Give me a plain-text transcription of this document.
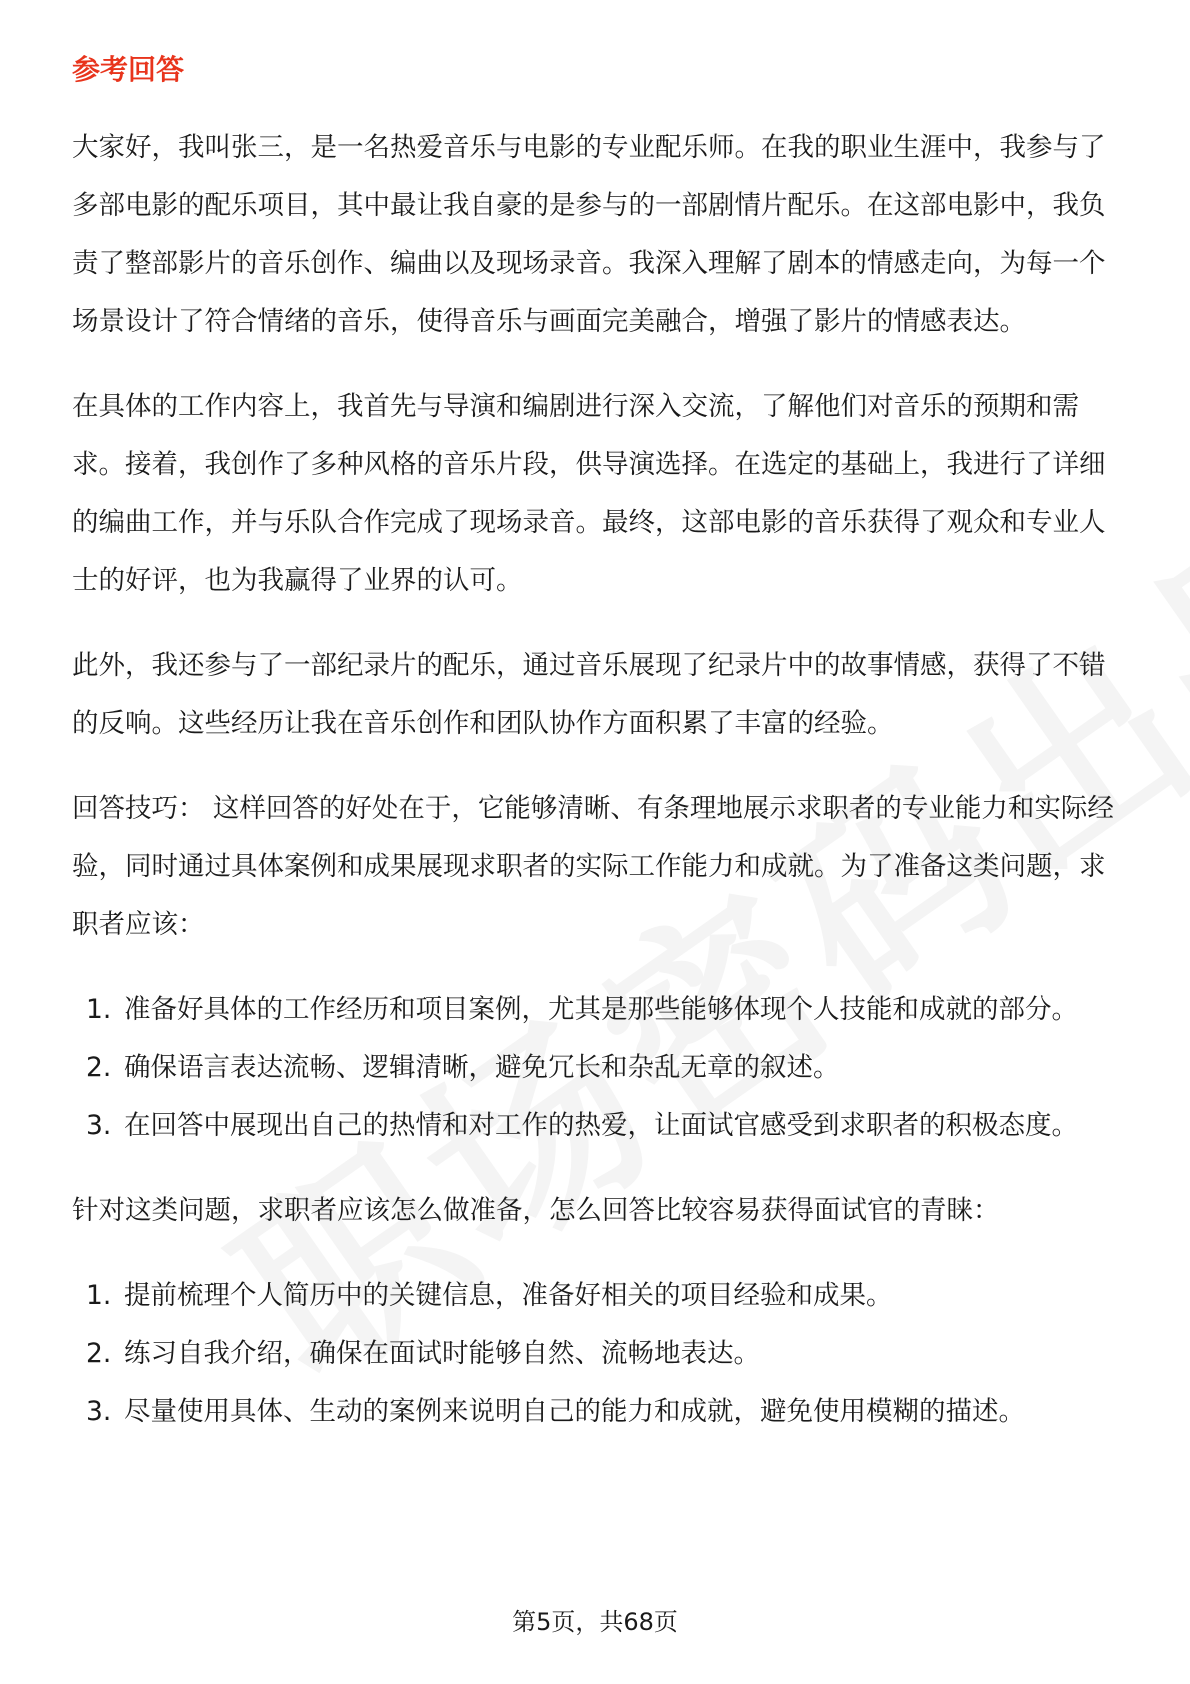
参考回答

大家好，我叫张三，是一名热爱音乐与电影的专业配乐师。在我的职业生涯中，我参与了多部电影的配乐项目，其中最让我自豪的是参与的一部剧情片配乐。在这部电影中，我负责了整部影片的音乐创作、编曲以及现场录音。我深入理解了剧本的情感走向，为每一个场景设计了符合情绪的音乐，使得音乐与画面完美融合，增强了影片的情感表达。

在具体的工作内容上，我首先与导演和编剧进行深入交流，了解他们对音乐的预期和需求。接着，我创作了多种风格的音乐片段，供导演选择。在选定的基础上，我进行了详细的编曲工作，并与乐队合作完成了现场录音。最终，这部电影的音乐获得了观众和专业人士的好评，也为我赢得了业界的认可。

此外，我还参与了一部纪录片的配乐，通过音乐展现了纪录片中的故事情感，获得了不错的反响。这些经历让我在音乐创作和团队协作方面积累了丰富的经验。

回答技巧： 这样回答的好处在于，它能够清晰、有条理地展示求职者的专业能力和实际经验，同时通过具体案例和成果展现求职者的实际工作能力和成就。为了准备这类问题，求职者应该：

1. 准备好具体的工作经历和项目案例，尤其是那些能够体现个人技能和成就的部分。
2. 确保语言表达流畅、逻辑清晰，避免冗长和杂乱无章的叙述。
3. 在回答中展现出自己的热情和对工作的热爱，让面试官感受到求职者的积极态度。

针对这类问题，求职者应该怎么做准备，怎么回答比较容易获得面试官的青睐：

1. 提前梳理个人简历中的关键信息，准备好相关的项目经验和成果。
2. 练习自我介绍，确保在面试时能够自然、流畅地表达。
3. 尽量使用具体、生动的案例来说明自己的能力和成就，避免使用模糊的描述。
第5页，共68页
